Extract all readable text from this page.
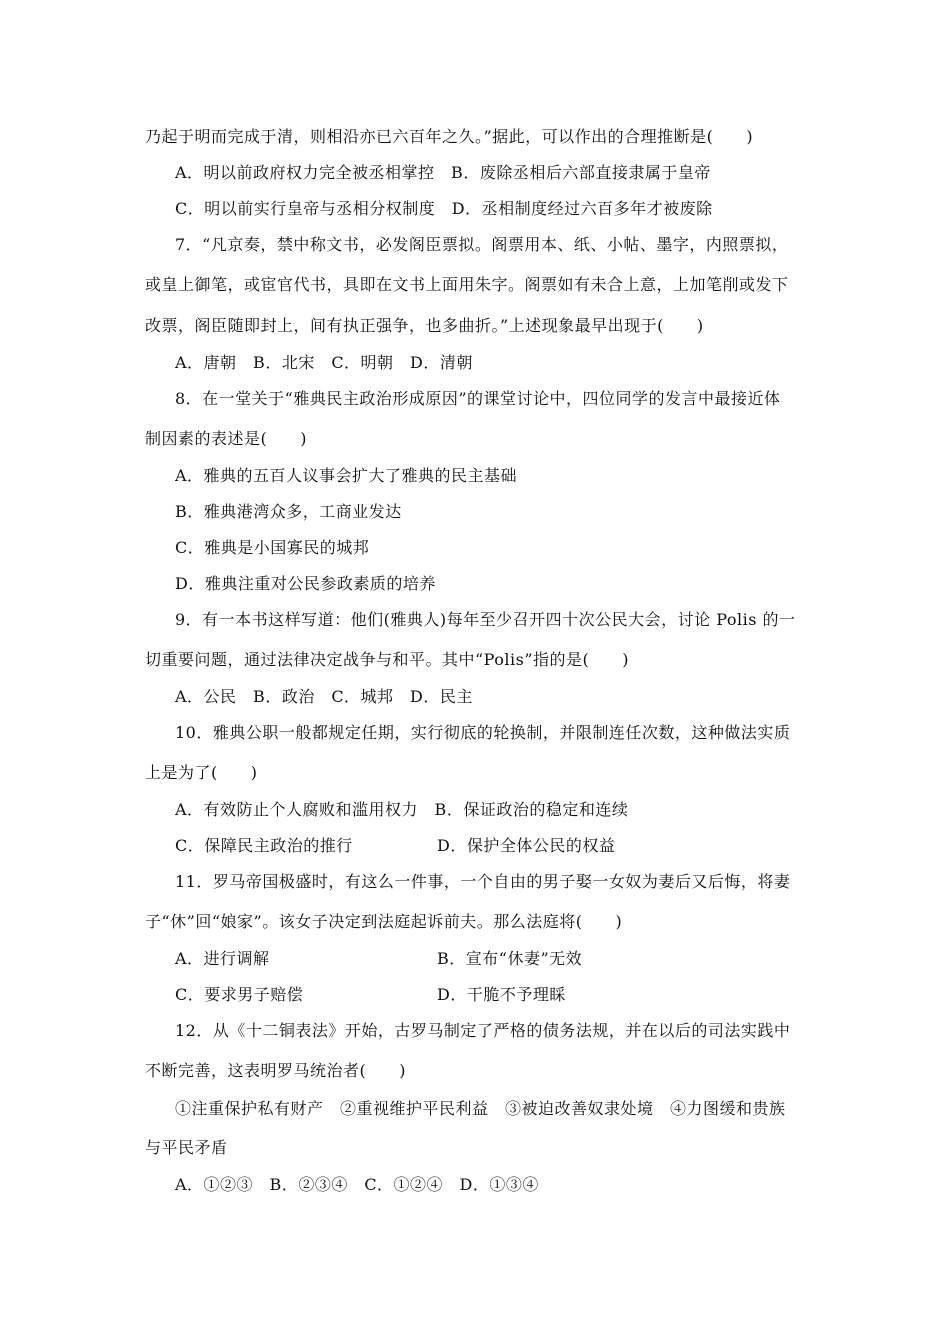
乃起于明而完成于清，则相沿亦已六百年之久。”据此，可以作出的合理推断是(　　)
A．明以前政府权力完全被丞相掌控　B．废除丞相后六部直接隶属于皇帝
C．明以前实行皇帝与丞相分权制度　D．丞相制度经过六百多年才被废除
7．“凡京奏，禁中称文书，必发阁臣票拟。阁票用本、纸、小帖、墨字，内照票拟，
或皇上御笔，或宦官代书，具即在文书上面用朱字。阁票如有未合上意，上加笔削或发下
改票，阁臣随即封上，间有执正强争，也多曲折。”上述现象最早出现于(　　)
A．唐朝　B．北宋　C．明朝　D．清朝
8．在一堂关于“雅典民主政治形成原因”的课堂讨论中，四位同学的发言中最接近体
制因素的表述是(　　)
A．雅典的五百人议事会扩大了雅典的民主基础
B．雅典港湾众多，工商业发达
C．雅典是小国寡民的城邦
D．雅典注重对公民参政素质的培养
9．有一本书这样写道：他们(雅典人)每年至少召开四十次公民大会，讨论 Polis 的一
切重要问题，通过法律决定战争与和平。其中“Polis”指的是(　　)
A．公民　B．政治　C．城邦　D．民主
10．雅典公职一般都规定任期，实行彻底的轮换制，并限制连任次数，这种做法实质
上是为了(　　)
A．有效防止个人腐败和滥用权力　B．保证政治的稳定和连续
C．保障民主政治的推行	D．保护全体公民的权益
11．罗马帝国极盛时，有这么一件事，一个自由的男子娶一女奴为妻后又后悔，将妻
子“休”回“娘家”。该女子决定到法庭起诉前夫。那么法庭将(　　)
A．进行调解	B．宣布“休妻”无效
C．要求男子赔偿	D．干脆不予理睬
12．从《十二铜表法》开始，古罗马制定了严格的债务法规，并在以后的司法实践中
不断完善，这表明罗马统治者(　　)
①注重保护私有财产　②重视维护平民利益　③被迫改善奴隶处境　④力图缓和贵族
与平民矛盾
A．①②③　B．②③④　C．①②④　D．①③④
